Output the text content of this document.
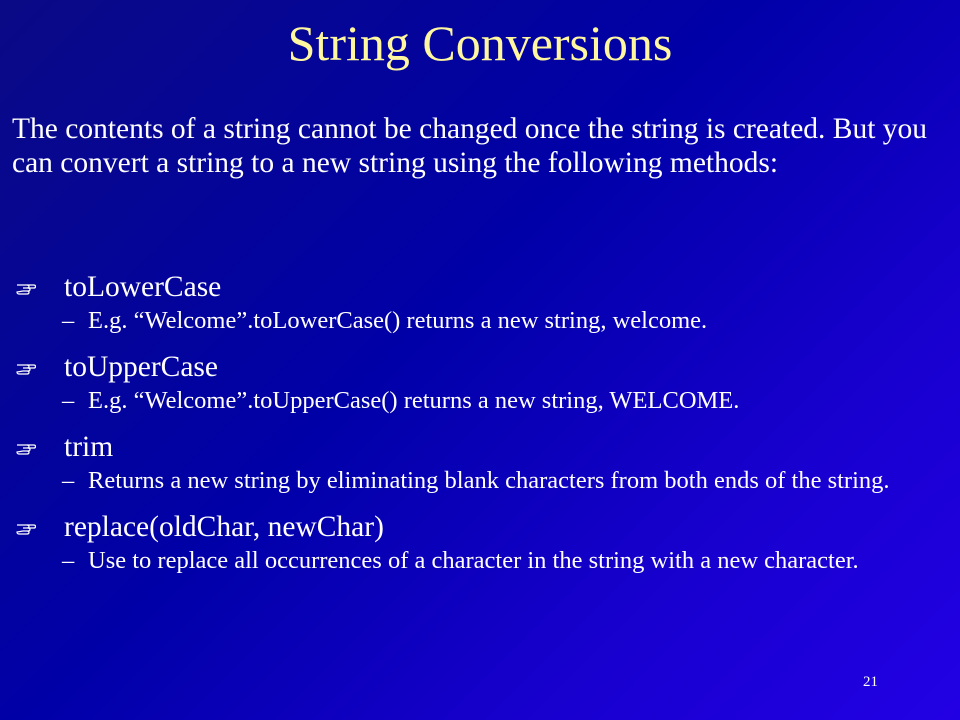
String Conversions

The contents of a string cannot be changed once the string is created. But you can convert a string to a new string using the following methods:

toLowerCase

– E.g. “Welcome”.toLowerCase() returns a new string, welcome.

toUpperCase

– E.g. “Welcome”.toUpperCase() returns a new string, WELCOME.

trim

– Returns a new string by eliminating blank characters from both ends of the string.

replace(oldChar, newChar)

– Use to replace all occurrences of a character in the string with a new character.

21
